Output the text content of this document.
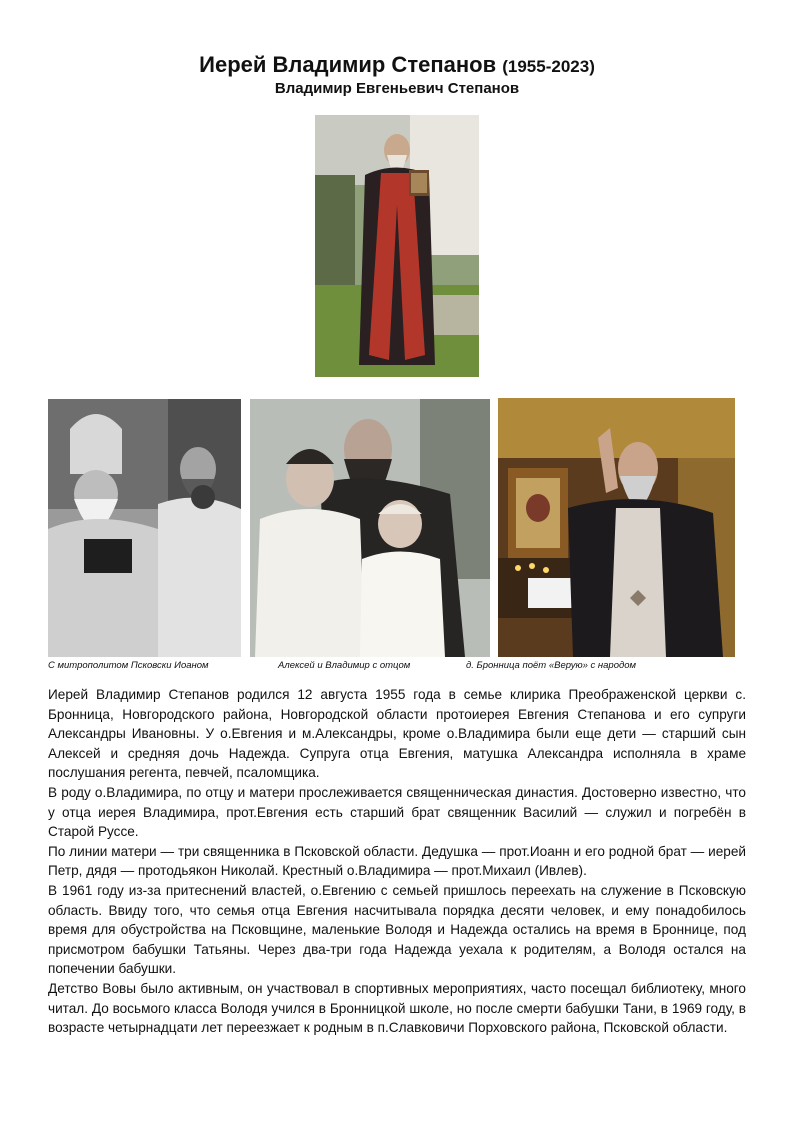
Иерей Владимир Степанов (1955-2023)
Владимир Евгеньевич Степанов
С митрополитом Псковски Иоаном	Алексей и Владимир с отцом	д. Бронница поёт «Верую» с народом

Иерей Владимир Степанов родился 12 августа 1955 года в семье клирика Преображенской церкви с. Бронница, Новгородского района, Новгородской области протоиерея Евгения Степанова и его супруги Александры Ивановны. У о.Евгения и м.Александры, кроме о.Владимира были еще дети — старший сын Алексей и средняя дочь Надежда. Супруга отца Евгения, матушка Александра исполняла в храме послушания регента, певчей, псаломщика.

В роду о.Владимира, по отцу и матери прослеживается священническая династия. Достоверно известно, что у отца иерея Владимира, прот.Евгения есть старший брат священник Василий — служил и погребён в Старой Руссе.

По линии матери — три священника в Псковской области. Дедушка — прот.Иоанн и его родной брат — иерей Петр, дядя — протодьякон Николай. Крестный о.Владимира — прот.Михаил (Ивлев).

В 1961 году из-за притеснений властей, о.Евгению с семьей пришлось переехать на служение в Псковскую область. Ввиду того, что семья отца Евгения насчитывала порядка десяти человек, и ему понадобилось время для обустройства на Псковщине, маленькие Володя и Надежда остались на время в Броннице, под присмотром бабушки Татьяны. Через два-три года Надежда уехала к родителям, а Володя остался на попечении бабушки.

Детство Вовы было активным, он участвовал в спортивных мероприятиях, часто посещал библиотеку, много читал. До восьмого класса Володя учился в Бронницкой школе, но после смерти бабушки Тани, в 1969 году, в возрасте четырнадцати лет переезжает к родным в п.Славковичи Порховского района, Псковской области.
